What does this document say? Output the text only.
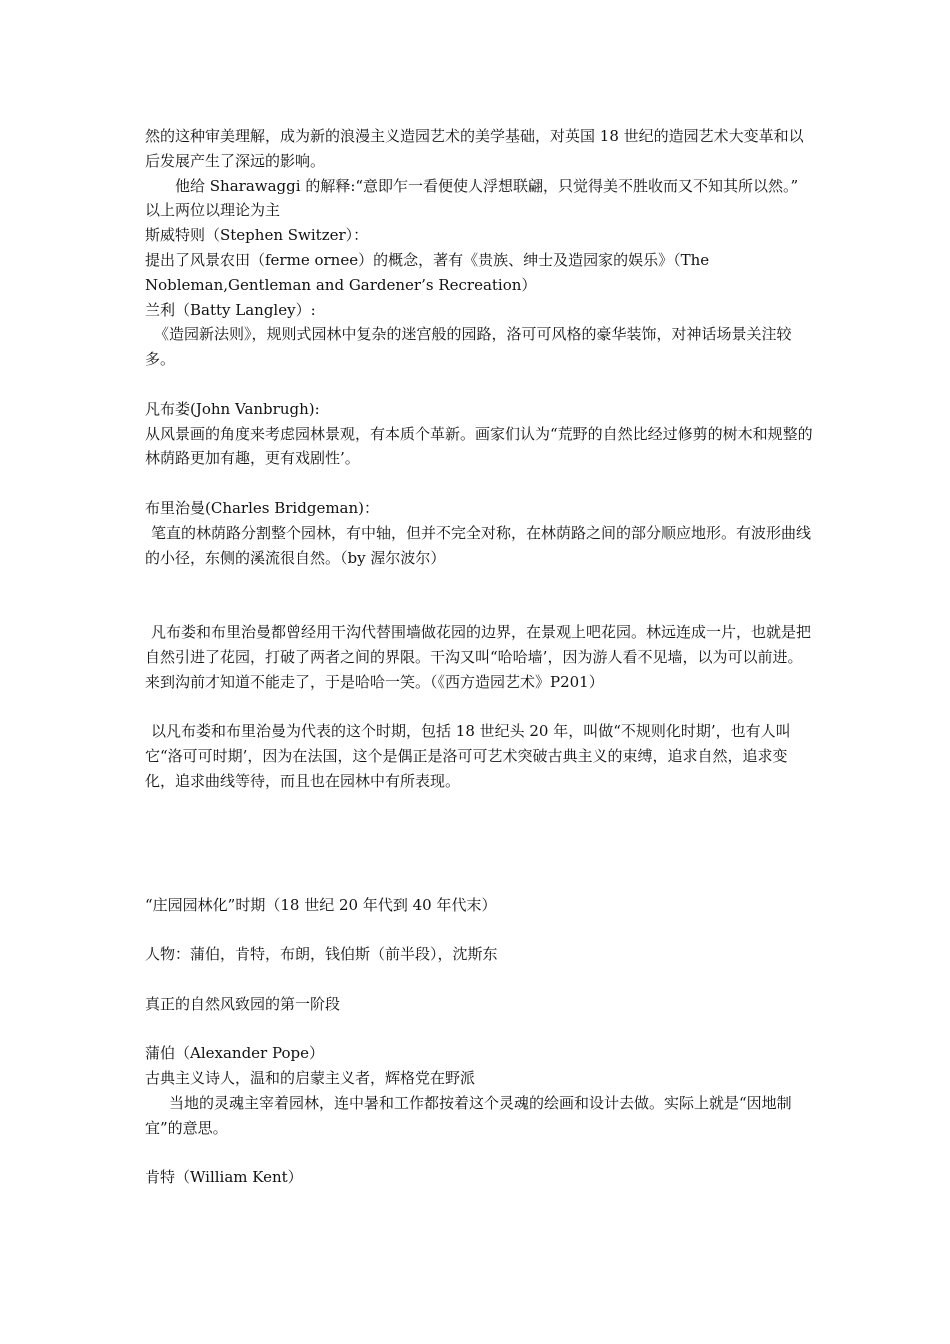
然的这种审美理解，成为新的浪漫主义造园艺术的美学基础，对英国 18 世纪的造园艺术大变革和以后发展产生了深远的影响。

他给 Sharawaggi 的解释:“意即乍一看便使人浮想联翩，只觉得美不胜收而又不知其所以然。”

以上两位以理论为主

斯威特则（Stephen Switzer）：

提出了风景农田（ferme ornee）的概念，著有《贵族、绅士及造园家的娱乐》（The Nobleman,Gentleman and Gardener’s Recreation）

兰利（Batty Langley）:

《造园新法则》，规则式园林中复杂的迷宫般的园路，洛可可风格的豪华装饰，对神话场景关注较多。

凡布娄(John Vanbrugh):

从风景画的角度来考虑园林景观，有本质个革新。画家们认为“荒野的自然比经过修剪的树木和规整的林荫路更加有趣，更有戏剧性’。

布里治曼(Charles Bridgeman)：

笔直的林荫路分割整个园林，有中轴，但并不完全对称，在林荫路之间的部分顺应地形。有波形曲线的小径，东侧的溪流很自然。（by 渥尔波尔）

凡布娄和布里治曼都曾经用干沟代替围墙做花园的边界，在景观上吧花园。林远连成一片，也就是把自然引进了花园，打破了两者之间的界限。干沟又叫“哈哈墙’，因为游人看不见墙，以为可以前进。来到沟前才知道不能走了，于是哈哈一笑。（《西方造园艺术》P201）

以凡布娄和布里治曼为代表的这个时期，包括 18 世纪头 20 年，叫做“不规则化时期’，也有人叫它“洛可可时期’，因为在法国，这个是偶正是洛可可艺术突破古典主义的束缚，追求自然，追求变化，追求曲线等待，而且也在园林中有所表现。

“庄园园林化”时期（18 世纪 20 年代到 40 年代末）

人物：蒲伯，肯特，布朗，钱伯斯（前半段），沈斯东

真正的自然风致园的第一阶段

蒲伯（Alexander Pope）

古典主义诗人，温和的启蒙主义者，辉格党在野派

当地的灵魂主宰着园林，连中暑和工作都按着这个灵魂的绘画和设计去做。实际上就是“因地制宜”的意思。

肯特（William Kent）
